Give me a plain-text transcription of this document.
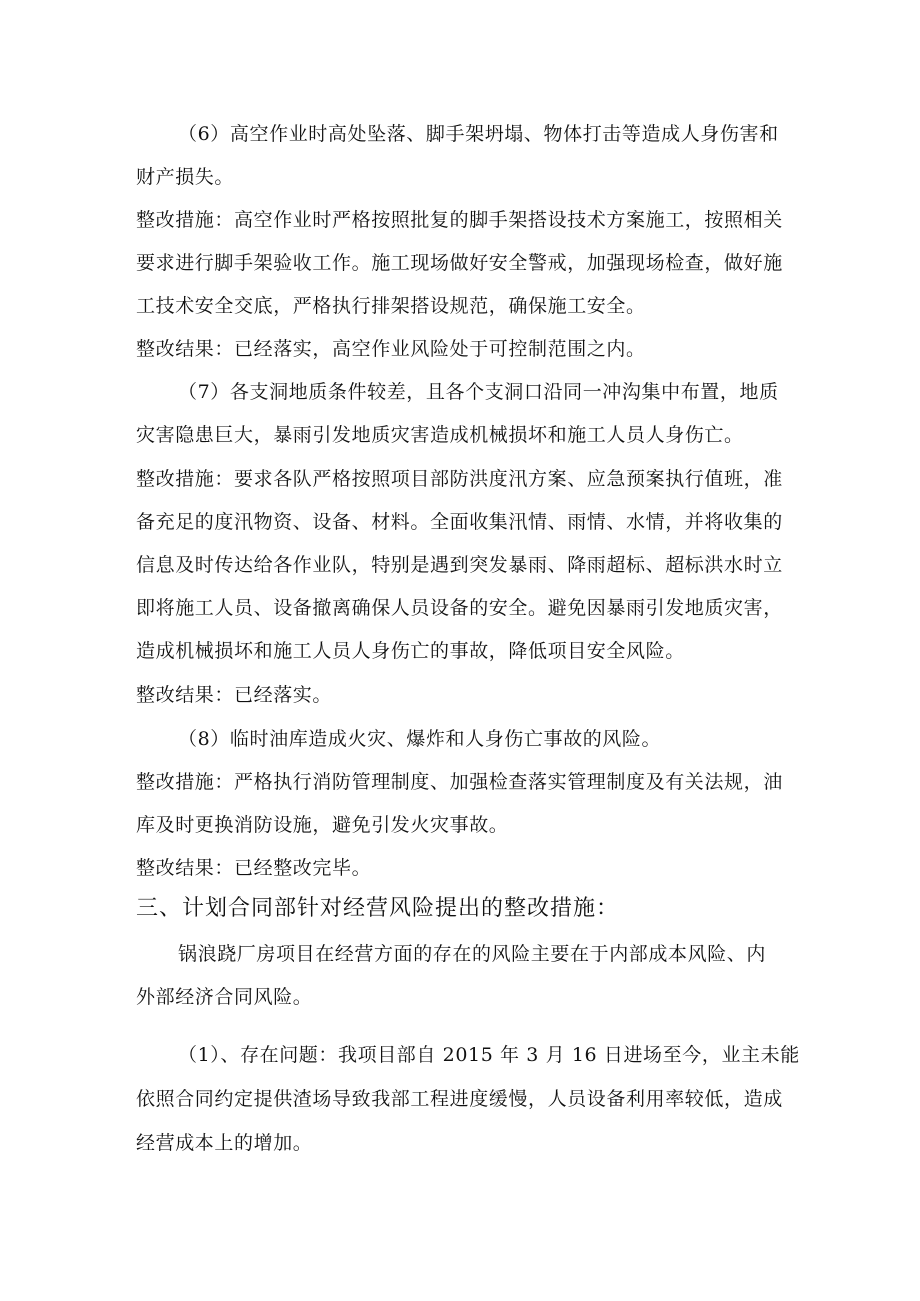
（6）高空作业时高处坠落、脚手架坍塌、物体打击等造成人身伤害和
财产损失。
整改措施：高空作业时严格按照批复的脚手架搭设技术方案施工，按照相关
要求进行脚手架验收工作。施工现场做好安全警戒，加强现场检查，做好施
工技术安全交底，严格执行排架搭设规范，确保施工安全。
整改结果：已经落实，高空作业风险处于可控制范围之内。
（7）各支洞地质条件较差，且各个支洞口沿同一冲沟集中布置，地质
灾害隐患巨大，暴雨引发地质灾害造成机械损坏和施工人员人身伤亡。
整改措施：要求各队严格按照项目部防洪度汛方案、应急预案执行值班，准
备充足的度汛物资、设备、材料。全面收集汛情、雨情、水情，并将收集的
信息及时传达给各作业队，特别是遇到突发暴雨、降雨超标、超标洪水时立
即将施工人员、设备撤离确保人员设备的安全。避免因暴雨引发地质灾害，
造成机械损坏和施工人员人身伤亡的事故，降低项目安全风险。
整改结果：已经落实。
（8）临时油库造成火灾、爆炸和人身伤亡事故的风险。
整改措施：严格执行消防管理制度、加强检查落实管理制度及有关法规，油
库及时更换消防设施，避免引发火灾事故。
整改结果：已经整改完毕。
三、计划合同部针对经营风险提出的整改措施：
锅浪跷厂房项目在经营方面的存在的风险主要在于内部成本风险、内
外部经济合同风险。
（1）、存在问题：我项目部自 2015 年 3 月 16 日进场至今，业主未能
依照合同约定提供渣场导致我部工程进度缓慢，人员设备利用率较低，造成
经营成本上的增加。
